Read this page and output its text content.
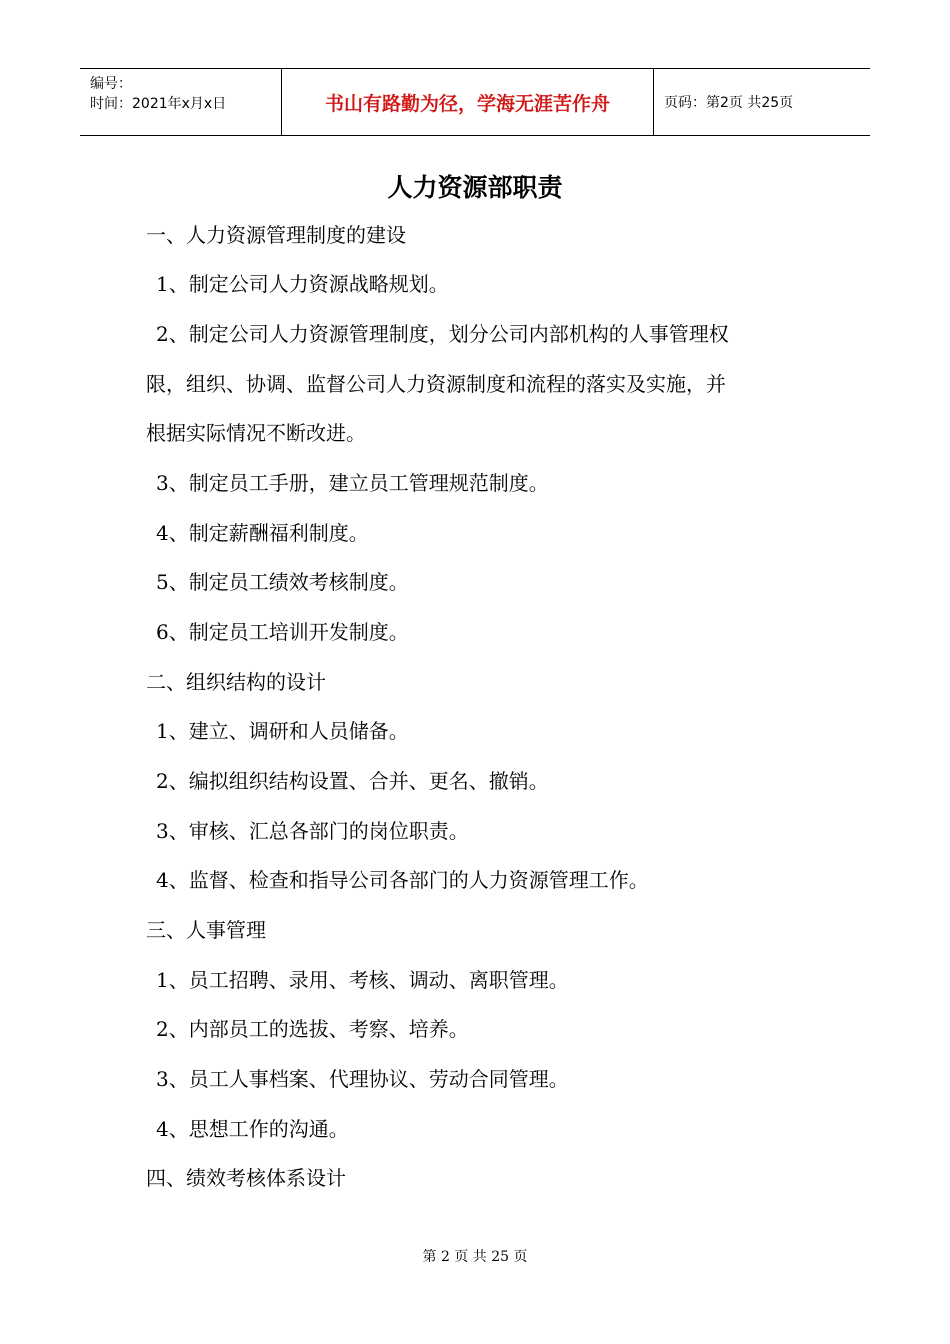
编号：
时间：2021年x月x日	书山有路勤为径，学海无涯苦作舟	页码：第2页 共25页
人力资源部职责
一、人力资源管理制度的建设
1、制定公司人力资源战略规划。
2、制定公司人力资源管理制度，划分公司内部机构的人事管理权
限，组织、协调、监督公司人力资源制度和流程的落实及实施，并
根据实际情况不断改进。
3、制定员工手册，建立员工管理规范制度。
4、制定薪酬福利制度。
5、制定员工绩效考核制度。
6、制定员工培训开发制度。
二、组织结构的设计
1、建立、调研和人员储备。
2、编拟组织结构设置、合并、更名、撤销。
3、审核、汇总各部门的岗位职责。
4、监督、检查和指导公司各部门的人力资源管理工作。
三、人事管理
1、员工招聘、录用、考核、调动、离职管理。
2、内部员工的选拔、考察、培养。
3、员工人事档案、代理协议、劳动合同管理。
4、思想工作的沟通。
四、绩效考核体系设计
第 2 页 共 25 页
